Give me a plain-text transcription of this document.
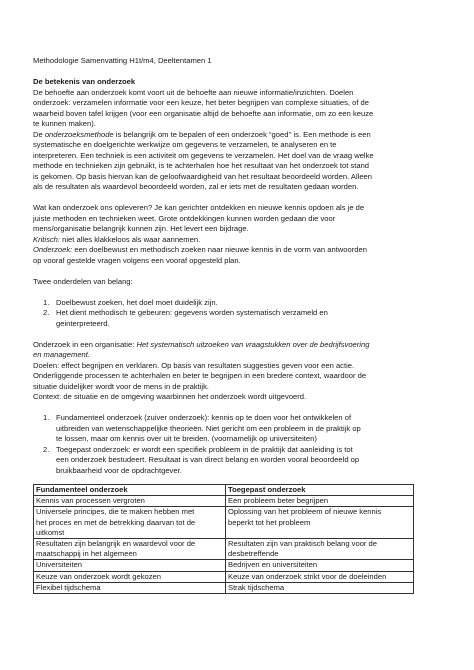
Methodologie Samenvatting H1t/m4, Deeltentamen 1

De betekenis van onderzoek

De behoefte aan onderzoek komt voort uit de behoefte aan nieuwe informatie/inzichten. Doelen

onderzoek: verzamelen informatie voor een keuze, het beter begrijpen van complexe situaties, of de

waarheid boven tafel krijgen (voor een organisatie altijd de behoefte aan informatie, om zo een keuze

te kunnen maken).

De onderzoeksmethode is belangrijk om te bepalen of een onderzoek “goed’’ is. Een methode is een

systematische en doelgerichte werkwijze om gegevens te verzamelen, te analyseren en te

interpreteren. Een techniek is een activiteit om gegevens te verzamelen. Het doel van de vraag welke

methode en technieken zijn gebruikt, is te achterhalen hoe het resultaat van het onderzoek tot stand

is gekomen. Op basis hiervan kan de geloofwaardigheid van het resultaat beoordeeld worden. Alleen

als de resultaten als waardevol beoordeeld worden, zal er iets met de resultaten gedaan worden.

Wat kan onderzoek ons opleveren? Je kan gerichter ontdekken en nieuwe kennis opdoen als je de

juiste methoden en technieken weet. Grote ontdekkingen kunnen worden gedaan die voor

mens/organisatie belangrijk kunnen zijn. Het levert een bijdrage.

Kritisch: niet alles klakkeloos als waar aannemen.

Onderzoek: een doelbewust en methodisch zoeken naar nieuwe kennis in de vorm van antwoorden

op vooraf gestelde vragen volgens een vooraf opgesteld plan.

Twee onderdelen van belang:

1. Doelbewust zoeken, het doel moet duidelijk zijn.
2. Het dient methodisch te gebeuren: gegevens worden systematisch verzameld en
geinterpreteerd.

Onderzoek in een organisatie: Het systematisch uitzoeken van vraagstukken over de bedrijfsvoering

en management.

Doelen: effect begrijpen en verklaren. Op basis van resultaten suggesties geven voor een actie.

Onderliggende processen te achterhalen en beter te begrijpen in een bredere context, waardoor de

situatie duidelijker wordt voor de mens in de praktijk.

Context: de situatie en de omgeving waarbinnen het onderzoek wordt uitgevoerd.

1. Fundamenteel onderzoek (zuiver onderzoek): kennis op te doen voor het ontwikkelen of
uitbreiden van wetenschappelijke theorieën. Niet gericht om een probleem in de praktijk op
te lossen, maar om kennis over uit te breiden. (voornamelijk op universiteiten)
2. Toegepast onderzoek: er wordt een specifiek probleem in de praktijk dat aanleiding is tot
een onderzoek bestudeert. Resultaat is van direct belang en worden vooral beoordeeld op
bruikbaarheid voor de opdrachtgever.
Fundamenteel onderzoek	Toegepast onderzoek
Kennis van processen vergroten	Een probleem beter begrijpen
Universele principes, die te maken hebben met
het proces en met de betrekking daarvan tot de
uitkomst	Oplossing van het probleem of nieuwe kennis
beperkt tot het probleem
Resultaten zijn belangrijk en waardevol voor de
maatschappij in het algemeen	Resultaten zijn van praktisch belang voor de
desbetreffende
Universiteiten	Bedrijven en universiteiten
Keuze van onderzoek wordt gekozen	Keuze van onderzoek strikt voor de doeleinden
Flexibel tijdschema	Strak tijdschema
